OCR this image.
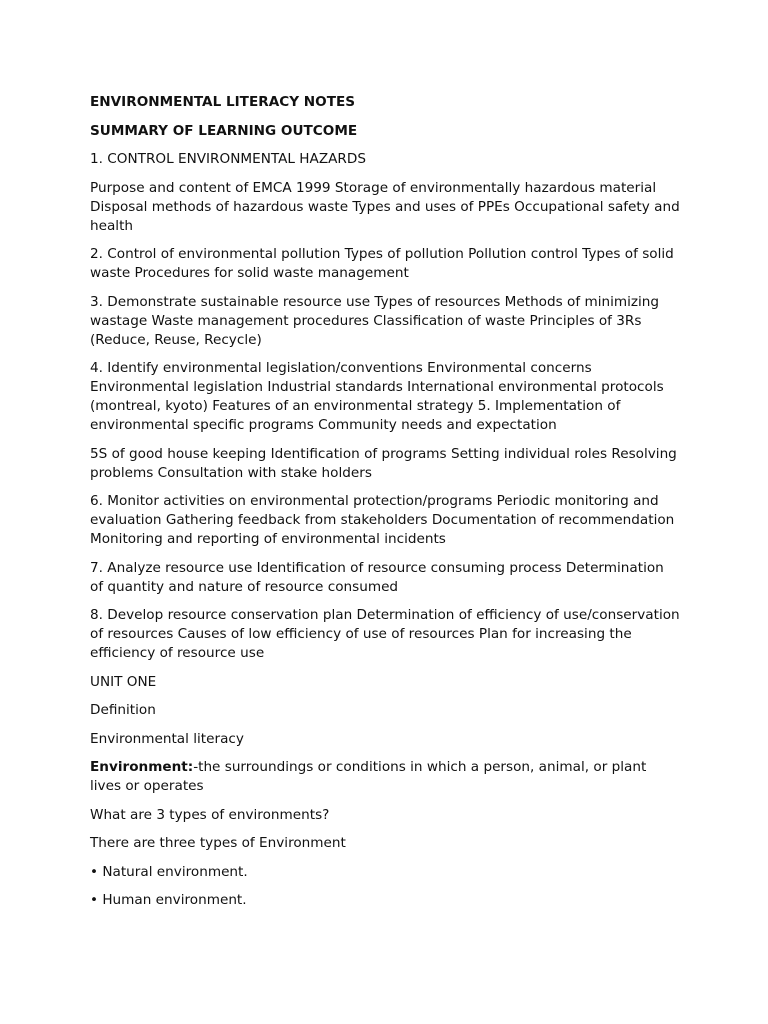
ENVIRONMENTAL LITERACY NOTES

SUMMARY OF LEARNING OUTCOME

1. CONTROL ENVIRONMENTAL HAZARDS

Purpose and content of EMCA 1999 Storage of environmentally hazardous material Disposal methods of hazardous waste Types and uses of PPEs Occupational safety and health

2. Control of environmental pollution Types of pollution Pollution control Types of solid waste Procedures for solid waste management

3. Demonstrate sustainable resource use Types of resources Methods of minimizing wastage Waste management procedures Classification of waste Principles of 3Rs (Reduce, Reuse, Recycle)

4. Identify environmental legislation/conventions Environmental concerns Environmental legislation Industrial standards International environmental protocols (montreal, kyoto) Features of an environmental strategy 5. Implementation of environmental specific programs Community needs and expectation

5S of good house keeping Identification of programs Setting individual roles Resolving problems Consultation with stake holders

6. Monitor activities on environmental protection/programs Periodic monitoring and evaluation Gathering feedback from stakeholders Documentation of recommendation Monitoring and reporting of environmental incidents

7. Analyze resource use Identification of resource consuming process Determination of quantity and nature of resource consumed

8. Develop resource conservation plan Determination of efficiency of use/conservation of resources Causes of low efficiency of use of resources Plan for increasing the efficiency of resource use

UNIT ONE

Definition

Environmental literacy

Environment:-the surroundings or conditions in which a person, animal, or plant lives or operates

What are 3 types of environments?

There are three types of Environment

• Natural environment.

• Human environment.
